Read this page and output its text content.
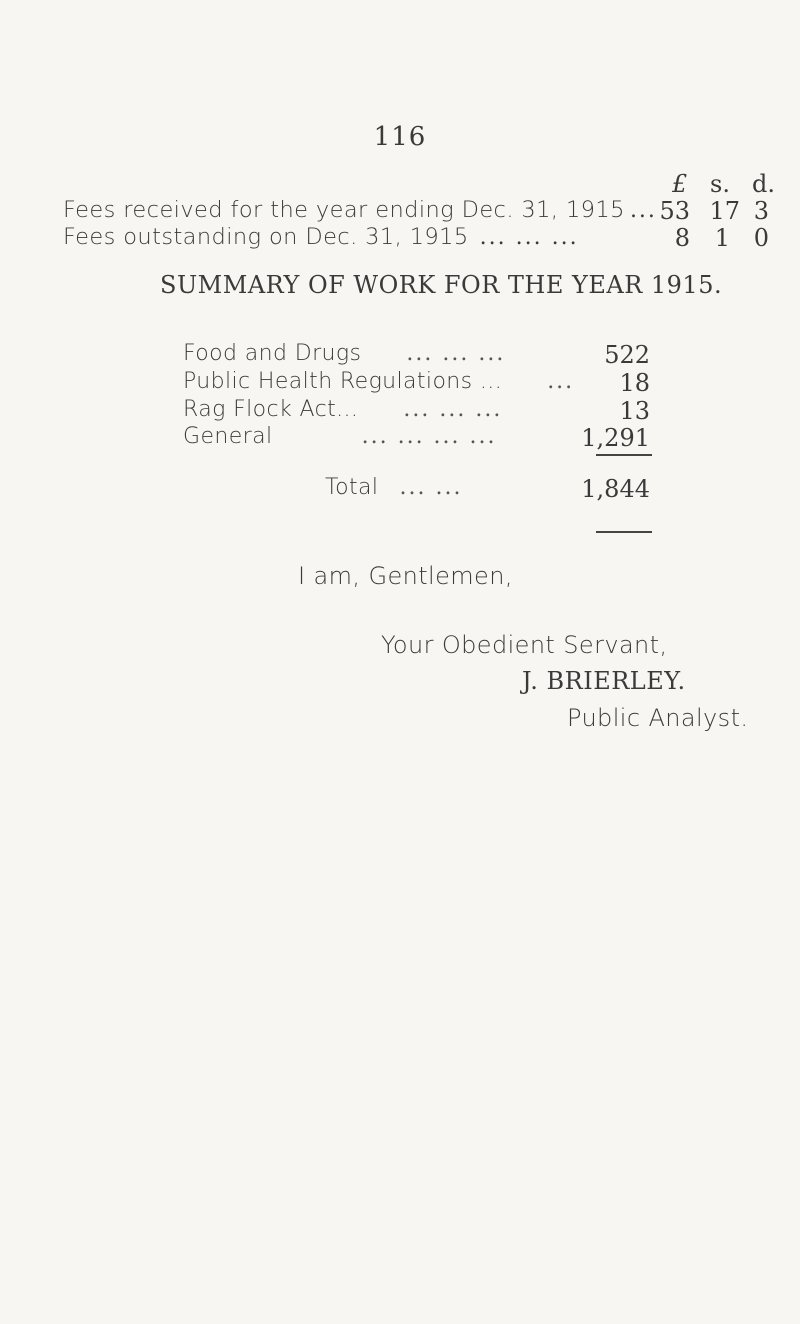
116
£ s. d.
Fees received for the year ending Dec. 31, 1915 ... 53 17 3
Fees outstanding on Dec. 31, 1915 ... ... ...	8	1 0
SUMMARY OF WORK FOR THE YEAR 1915.
Food and Drugs ... ... ...	522
Public Health Regulations ... ...	18
Rag Flock Act... ... ... ...	13
General	... ... ... ...	1,291
Total ... ...	1,844
I am, Gentlemen,
Your Obedient Servant,
J. BRIERLEY.
Public Analyst.
